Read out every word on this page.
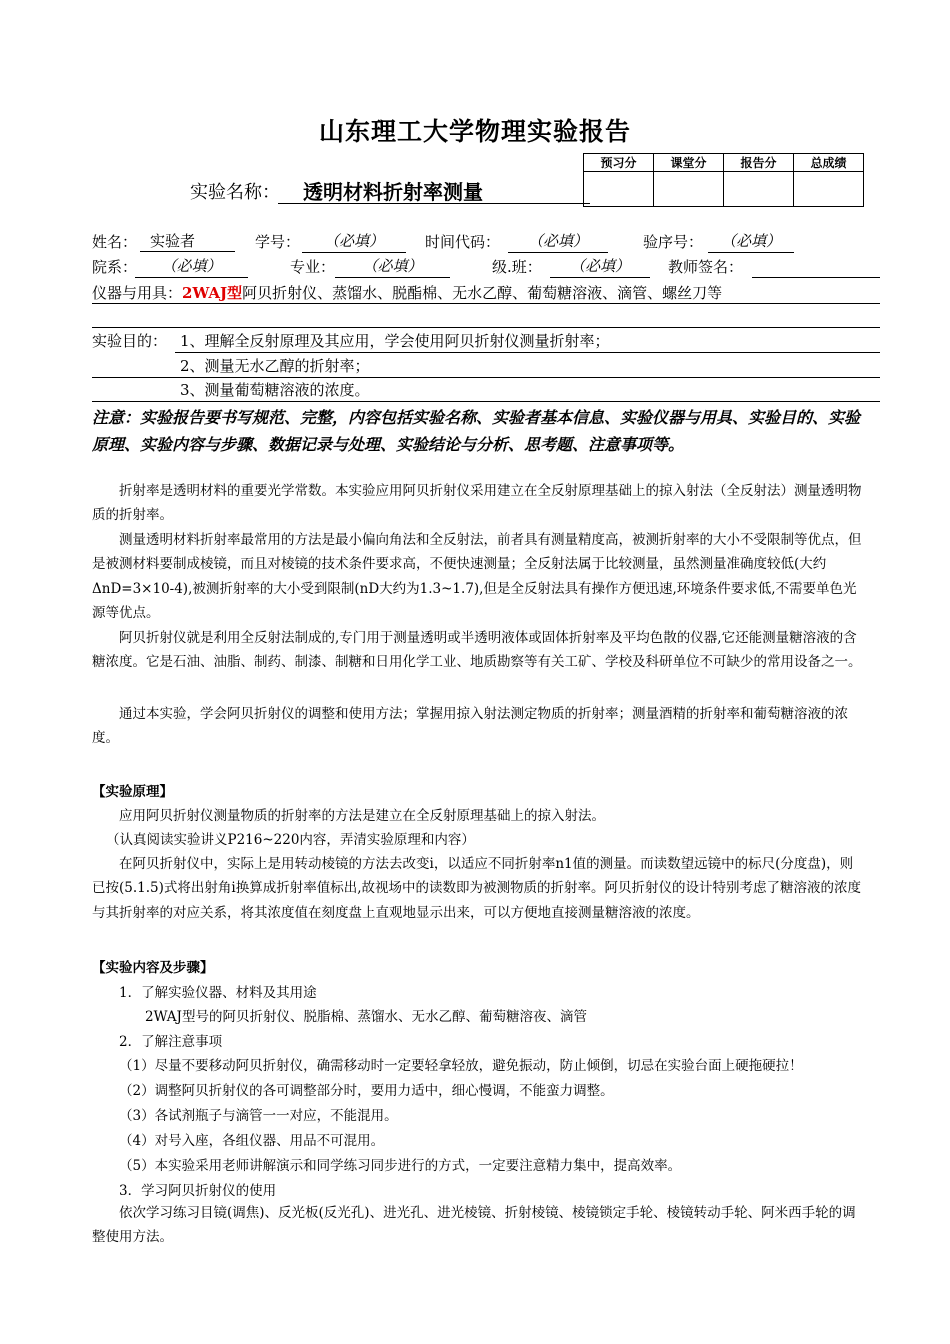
山东理工大学物理实验报告
预习分	课堂分	报告分	总成绩

实验名称：	透明材料折射率测量
姓名： 实验者	学号：	（必填）	时间代码：	（必填）	验序号：	（必填）
院系：	（必填）	专业：	（必填）	级.班：	（必填）	教师签名：
仪器与用具：2WAJ型阿贝折射仪、蒸馏水、脱酯棉、无水乙醇、葡萄糖溶液、滴管、螺丝刀等
实验目的： 1、理解全反射原理及其应用，学会使用阿贝折射仪测量折射率；
2、测量无水乙醇的折射率；
3、测量葡萄糖溶液的浓度。
注意：实验报告要书写规范、完整，内容包括实验名称、实验者基本信息、实验仪器与用具、实验目的、实验原理、实验内容与步骤、数据记录与处理、实验结论与分析、思考题、注意事项等。
折射率是透明材料的重要光学常数。本实验应用阿贝折射仪采用建立在全反射原理基础上的掠入射法（全反射法）测量透明物质的折射率。
测量透明材料折射率最常用的方法是最小偏向角法和全反射法，前者具有测量精度高，被测折射率的大小不受限制等优点，但是被测材料要制成棱镜，而且对棱镜的技术条件要求高，不便快速测量；全反射法属于比较测量，虽然测量准确度较低(大约ΔnD=3×10-4),被测折射率的大小受到限制(nD大约为1.3~1.7),但是全反射法具有操作方便迅速,环境条件要求低,不需要单色光源等优点。
阿贝折射仪就是利用全反射法制成的,专门用于测量透明或半透明液体或固体折射率及平均色散的仪器,它还能测量糖溶液的含糖浓度。它是石油、油脂、制药、制漆、制糖和日用化学工业、地质勘察等有关工矿、学校及科研单位不可缺少的常用设备之一。
通过本实验，学会阿贝折射仪的调整和使用方法；掌握用掠入射法测定物质的折射率；测量酒精的折射率和葡萄糖溶液的浓度。
【实验原理】
应用阿贝折射仪测量物质的折射率的方法是建立在全反射原理基础上的掠入射法。
（认真阅读实验讲义P216~220内容，弄清实验原理和内容）
在阿贝折射仪中，实际上是用转动棱镜的方法去改变i，以适应不同折射率n1值的测量。而读数望远镜中的标尺(分度盘)，则已按(5.1.5)式将出射角i换算成折射率值标出,故视场中的读数即为被测物质的折射率。阿贝折射仪的设计特别考虑了糖溶液的浓度与其折射率的对应关系，将其浓度值在刻度盘上直观地显示出来，可以方便地直接测量糖溶液的浓度。
【实验内容及步骤】
1．了解实验仪器、材料及其用途
2WAJ型号的阿贝折射仪、脱脂棉、蒸馏水、无水乙醇、葡萄糖溶夜、滴管
2．了解注意事项
（1）尽量不要移动阿贝折射仪，确需移动时一定要轻拿轻放，避免振动，防止倾倒，切忌在实验台面上硬拖硬拉！
（2）调整阿贝折射仪的各可调整部分时，要用力适中，细心慢调，不能蛮力调整。
（3）各试剂瓶子与滴管一一对应，不能混用。
（4）对号入座，各组仪器、用品不可混用。
（5）本实验采用老师讲解演示和同学练习同步进行的方式，一定要注意精力集中，提高效率。
3．学习阿贝折射仪的使用
依次学习练习目镜(调焦)、反光板(反光孔)、进光孔、进光棱镜、折射棱镜、棱镜锁定手轮、棱镜转动手轮、阿米西手轮的调整使用方法。
